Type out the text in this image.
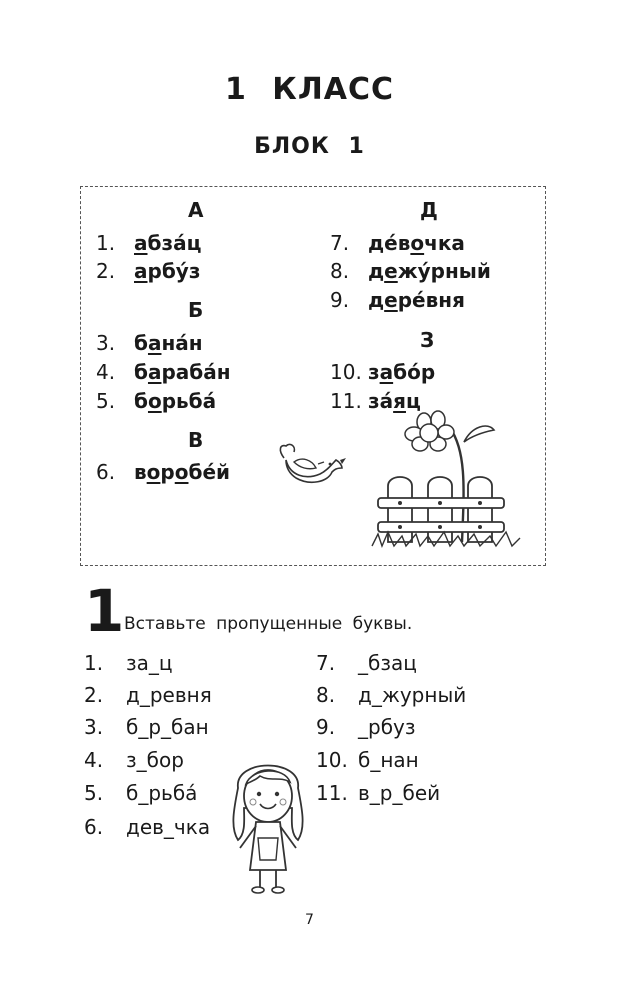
1 КЛАСС
БЛОК 1
А
Б
В
Д
З
1. абза́ц
2. арбу́з
3. бана́н
4. бараба́н
5. борьба́
6. воробе́й
7. де́вочка
8. дежу́рный
9. дере́вня
10. забо́р
11. за́яц
1 Вставьте пропущенные буквы.
1. за_ц
2. д_ревня
3. б_р_бан
4. з_бор
5. б_рьба́
6. дев_чка
7. _бзац
8. д_журный
9. _рбуз
10. б_нан
11. в_р_бей
7
